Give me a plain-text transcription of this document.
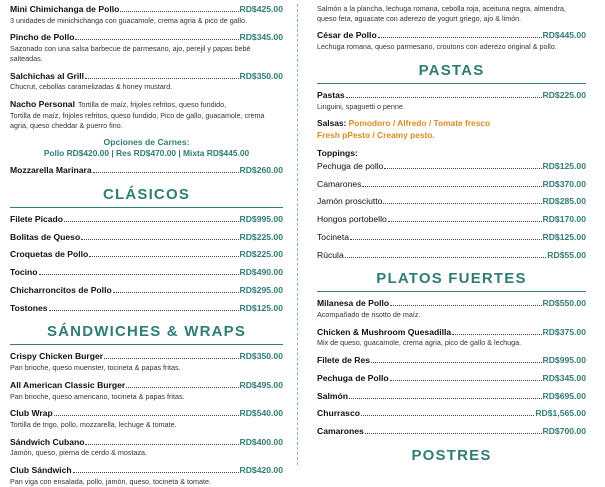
Mini Chimichanga de Pollo	RD$425.00
3 unidades de minichichanga con guacamole, crema agria & pico de gallo.
Pincho de Pollo	RD$345.00
Sazonado con una salsa barbecue de parmesano, ajo, perejil y papas bebé salteadas.
Salchichas al Grill	RD$350.00
Chucrut, cebollas caramelizadas & honey mustard.
Nacho Personal Tortilla de maíz, frijoles refritos, queso fundido,
Tortilla de maíz, frijoles refritos, queso fundido, Pico de gallo, guacamole, crema agria, queso cheddar & puerro fino.
Opciones de Carnes:
Pollo RD$420.00 | Res RD$470.00 | Mixta RD$445.00
Mozzarella Marinara	RD$260.00
CLÁSICOS
Filete Picado	RD$995.00
Bolitas de Queso	RD$225.00
Croquetas de Pollo	RD$225.00
Tocino	RD$490.00
Chicharroncitos de Pollo	RD$295.00
Tostones	RD$125.00
SÁNDWICHES & WRAPS
Crispy Chicken Burger	RD$350.00
Pan brioche, queso muenster, tocineta & papas fritas.
All American Classic Burger	RD$495.00
Pan brioche, queso americano, tocineta & papas fritas.
Club Wrap	RD$540.00
Tortilla de trigo, pollo, mozzarella, lechuge & tomate.
Sándwich Cubano	RD$400.00
Jamón, queso, pierna de cerdo & mostaza.
Club Sándwich	RD$420.00
Pan viga con ensalada, pollo, jamón, queso, tocineta & tomate.
Salmón a la plancha, lechuga romana, cebolla roja, aceituna negra, almendra, queso feta, aguacate con aderezo de yogurt griego, ajo & limón.
César de Pollo	RD$445.00
Lechuga romana, queso parmesano, croutons con aderezo original & pollo.
PASTAS
Pastas	RD$225.00
Linguini, spaguetti o penne.
Salsas: Pomodoro / Alfredo / Tomate fresco
Fresh pPesto / Creamy pesto.
Toppings:
Pechuga de pollo	RD$125.00
Camarones	RD$370.00
Jamón prosciutto	RD$285.00
Hongos portobello	RD$170.00
Tocineta	RD$125.00
Rúcula	RD$55.00
PLATOS FUERTES
Milanesa de Pollo	RD$550.00
Acompañado de risotto de maíz.
Chicken & Mushroom Quesadilla	RD$375.00
Mix de queso, guacamole, crema agria, pico de gallo & lechuga.
Filete de Res	RD$995.00
Pechuga de Pollo	RD$345.00
Salmón	RD$695.00
Churrasco	RD$1,565.00
Camarones	RD$700.00
POSTRES
